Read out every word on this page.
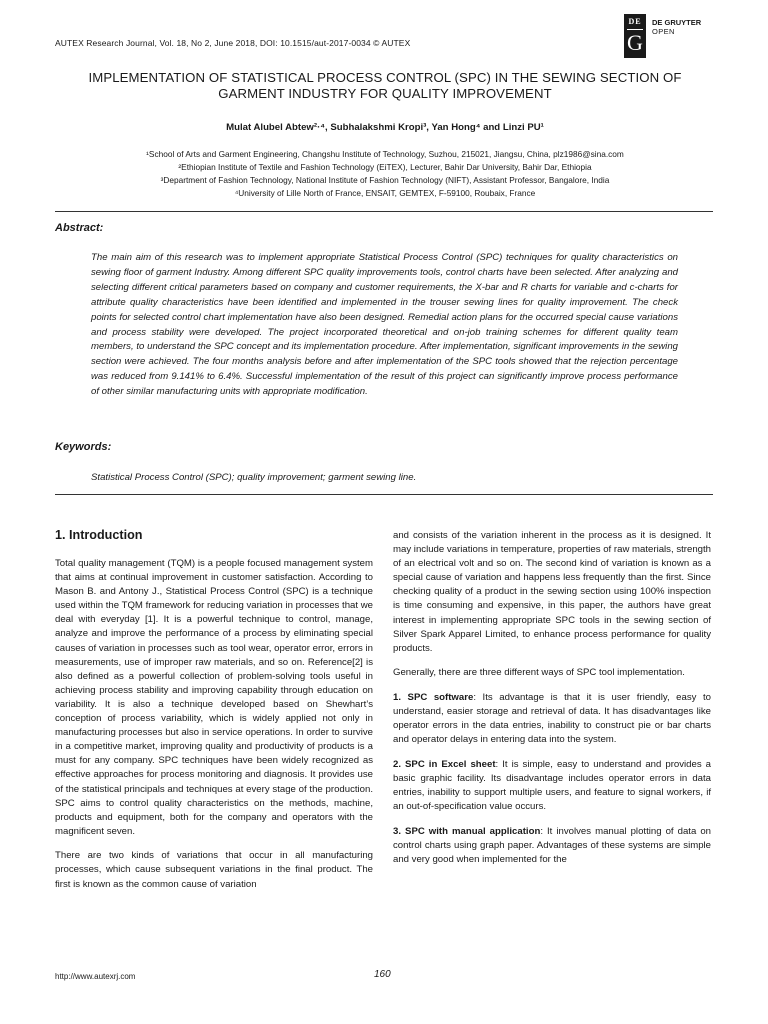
AUTEX Research Journal, Vol. 18, No 2, June 2018, DOI: 10.1515/aut-2017-0034 © AUTEX
DE
G
DE GRUYTER
OPEN
IMPLEMENTATION OF STATISTICAL PROCESS CONTROL (SPC) IN THE SEWING SECTION OF
GARMENT INDUSTRY FOR QUALITY IMPROVEMENT
Mulat Alubel Abtew²·⁴, Subhalakshmi Kropi³, Yan Hong⁴ and Linzi PU¹
¹School of Arts and Garment Engineering, Changshu Institute of Technology, Suzhou, 215021, Jiangsu, China, plz1986@sina.com
²Ethiopian Institute of Textile and Fashion Technology (EiTEX), Lecturer, Bahir Dar University, Bahir Dar, Ethiopia
³Department of Fashion Technology, National Institute of Fashion Technology (NIFT), Assistant Professor, Bangalore, India
⁴University of Lille North of France, ENSAIT, GEMTEX, F-59100, Roubaix, France
Abstract:
The main aim of this research was to implement appropriate Statistical Process Control (SPC) techniques for quality characteristics on sewing floor of garment Industry. Among different SPC quality improvements tools, control charts have been selected. After analyzing and selecting different critical parameters based on company and customer requirements, the X-bar and R charts for variable and c-charts for attribute quality characteristics have been identified and implemented in the trouser sewing lines for quality improvement. The check points for selected control chart implementation have also been designed. Remedial action plans for the occurred special cause variations and process stability were developed. The project incorporated theoretical and on-job training schemes for different quality team members, to understand the SPC concept and its implementation procedure. After implementation, significant improvements in the sewing section were achieved. The four months analysis before and after implementation of the SPC tools showed that the rejection percentage was reduced from 9.141% to 6.4%. Successful implementation of the result of this project can significantly improve process performance of other similar manufacturing units with appropriate modification.
Keywords:
Statistical Process Control (SPC); quality improvement; garment sewing line.
1. Introduction

Total quality management (TQM) is a people focused management system that aims at continual improvement in customer satisfaction. According to Mason B. and Antony J., Statistical Process Control (SPC) is a technique used within the TQM framework for reducing variation in processes that we deal with everyday [1]. It is a powerful technique to control, manage, analyze and improve the performance of a process by eliminating special causes of variation in processes such as tool wear, operator error, errors in measurements, use of improper raw materials, and so on. Reference[2] is also defined as a powerful collection of problem-solving tools useful in achieving process stability and improving capability through education on variability. It is also a technique developed based on Shewhart’s conception of process variability, which is widely applied not only in manufacturing processes but also in service operations. In order to survive in a competitive market, improving quality and productivity of products is a must for any company. SPC techniques have been widely recognized as effective approaches for process monitoring and diagnosis. It provides use of the statistical principals and techniques at every stage of the production. SPC aims to control quality characteristics on the methods, machine, products and equipment, both for the company and operators with the magnificent seven.

There are two kinds of variations that occur in all manufacturing processes, which cause subsequent variations in the final product. The first is known as the common cause of variation

and consists of the variation inherent in the process as it is designed. It may include variations in temperature, properties of raw materials, strength of an electrical volt and so on. The second kind of variation is known as a special cause of variation and happens less frequently than the first. Since checking quality of a product in the sewing section using 100% inspection is time consuming and expensive, in this paper, the authors have great interest in implementing appropriate SPC tools in the sewing section of Silver Spark Apparel Limited, to enhance process performance for quality products.

Generally, there are three different ways of SPC tool implementation.

1. SPC software: Its advantage is that it is user friendly, easy to understand, easier storage and retrieval of data. It has disadvantages like operator errors in the data entries, inability to construct pie or bar charts and operator delays in entering data into the system.

2. SPC in Excel sheet: It is simple, easy to understand and provides a basic graphic facility. Its disadvantage includes operator errors in data entries, inability to support multiple users, and feature to signal workers, if an out-of-specification value occurs.

3. SPC with manual application: It involves manual plotting of data on control charts using graph paper. Advantages of these systems are simple and very good when implemented for the

http://www.autexrj.com	160
